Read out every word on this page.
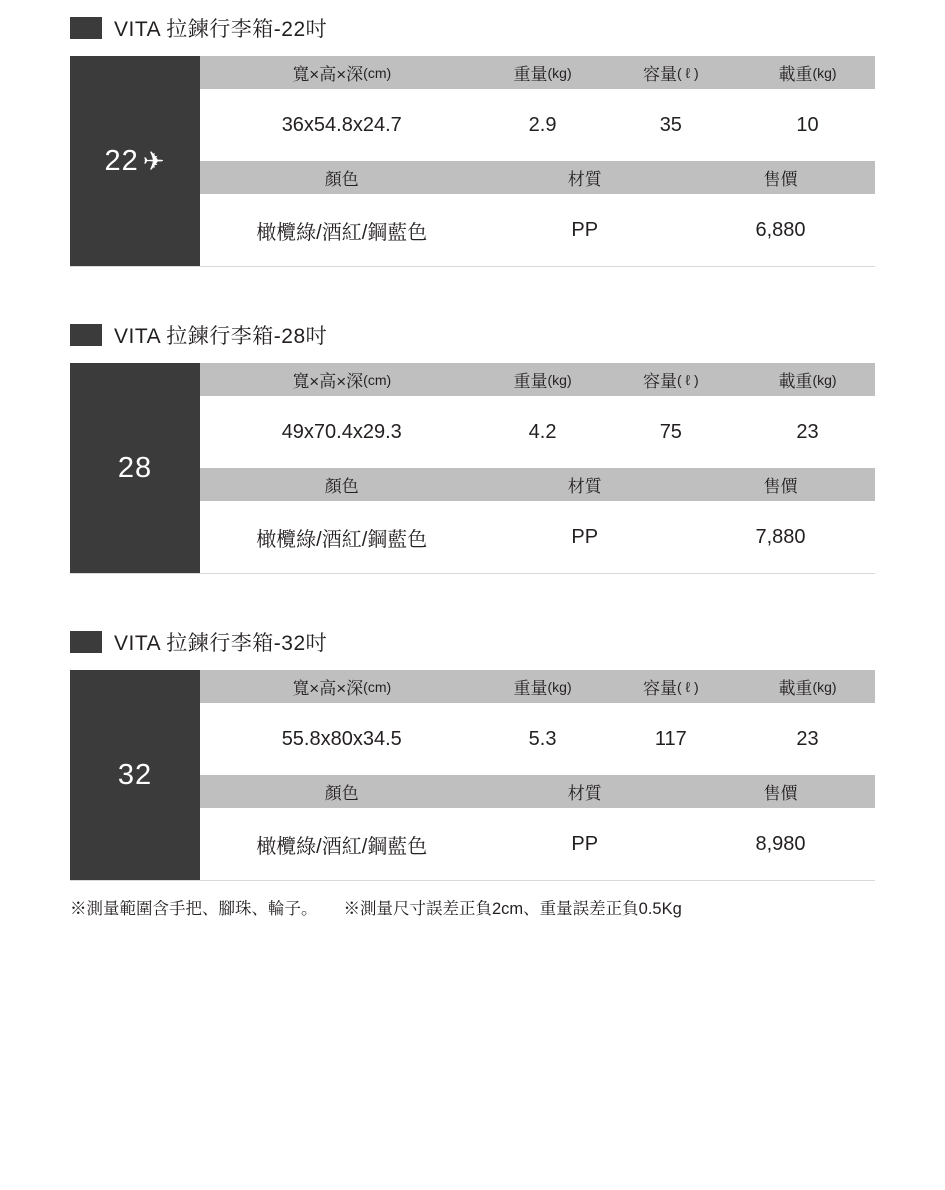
VITA 拉鍊行李箱-22吋
22 ✈
寬×高×深 (cm)	重量 (kg)	容量 ( ℓ )	載重 (kg)
36x54.8x24.7	2.9	35	10
顏色	材質	售價
橄欖綠/酒紅/鋼藍色	PP	6,880
VITA 拉鍊行李箱-28吋
28
寬×高×深 (cm)	重量 (kg)	容量 ( ℓ )	載重 (kg)
49x70.4x29.3	4.2	75	23
顏色	材質	售價
橄欖綠/酒紅/鋼藍色	PP	7,880
VITA 拉鍊行李箱-32吋
32
寬×高×深 (cm)	重量 (kg)	容量 ( ℓ )	載重 (kg)
55.8x80x34.5	5.3	117	23
顏色	材質	售價
橄欖綠/酒紅/鋼藍色	PP	8,980
※測量範圍含手把、腳珠、輪子。 ※測量尺寸誤差正負2cm、重量誤差正負0.5Kg
